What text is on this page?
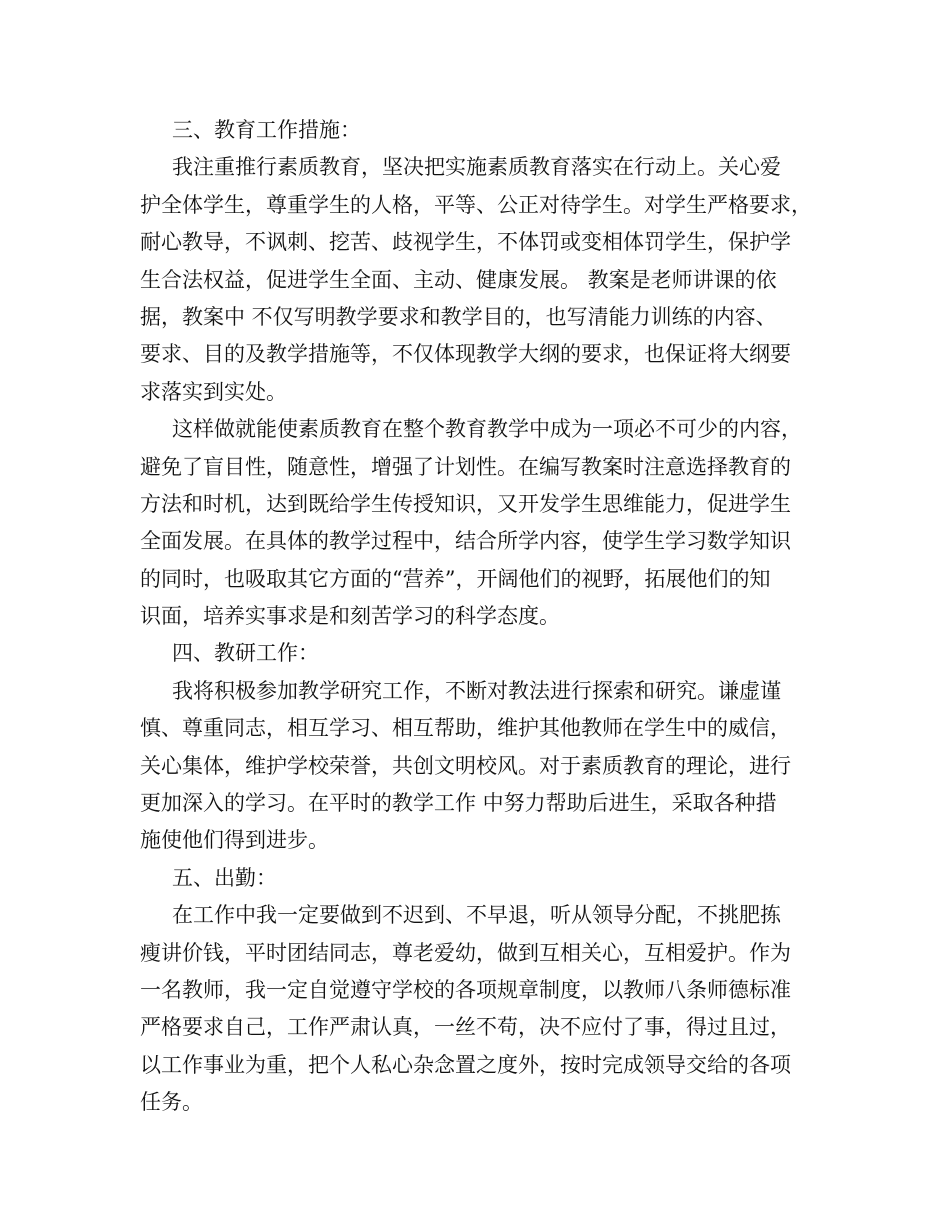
三、教育工作措施：

我注重推行素质教育，坚决把实施素质教育落实在行动上。关心爱
护全体学生，尊重学生的人格，平等、公正对待学生。对学生严格要求，
耐心教导，不讽刺、挖苦、歧视学生，不体罚或变相体罚学生，保护学
生合法权益，促进学生全面、主动、健康发展。 教案是老师讲课的依
据，教案中 不仅写明教学要求和教学目的，也写清能力训练的内容、
要求、目的及教学措施等，不仅体现教学大纲的要求，也保证将大纲要
求落实到实处。

这样做就能使素质教育在整个教育教学中成为一项必不可少的内容，
避免了盲目性，随意性，增强了计划性。在编写教案时注意选择教育的
方法和时机，达到既给学生传授知识，又开发学生思维能力，促进学生
全面发展。在具体的教学过程中，结合所学内容，使学生学习数学知识
的同时，也吸取其它方面的“营养”，开阔他们的视野，拓展他们的知
识面，培养实事求是和刻苦学习的科学态度。

四、教研工作：

我将积极参加教学研究工作，不断对教法进行探索和研究。谦虚谨
慎、尊重同志，相互学习、相互帮助，维护其他教师在学生中的威信，
关心集体，维护学校荣誉，共创文明校风。对于素质教育的理论，进行
更加深入的学习。在平时的教学工作 中努力帮助后进生，采取各种措
施使他们得到进步。

五、出勤：

在工作中我一定要做到不迟到、不早退，听从领导分配，不挑肥拣
瘦讲价钱，平时团结同志，尊老爱幼，做到互相关心，互相爱护。作为
一名教师，我一定自觉遵守学校的各项规章制度，以教师八条师德标准
严格要求自己，工作严肃认真，一丝不苟，决不应付了事，得过且过，
以工作事业为重，把个人私心杂念置之度外，按时完成领导交给的各项
任务。
